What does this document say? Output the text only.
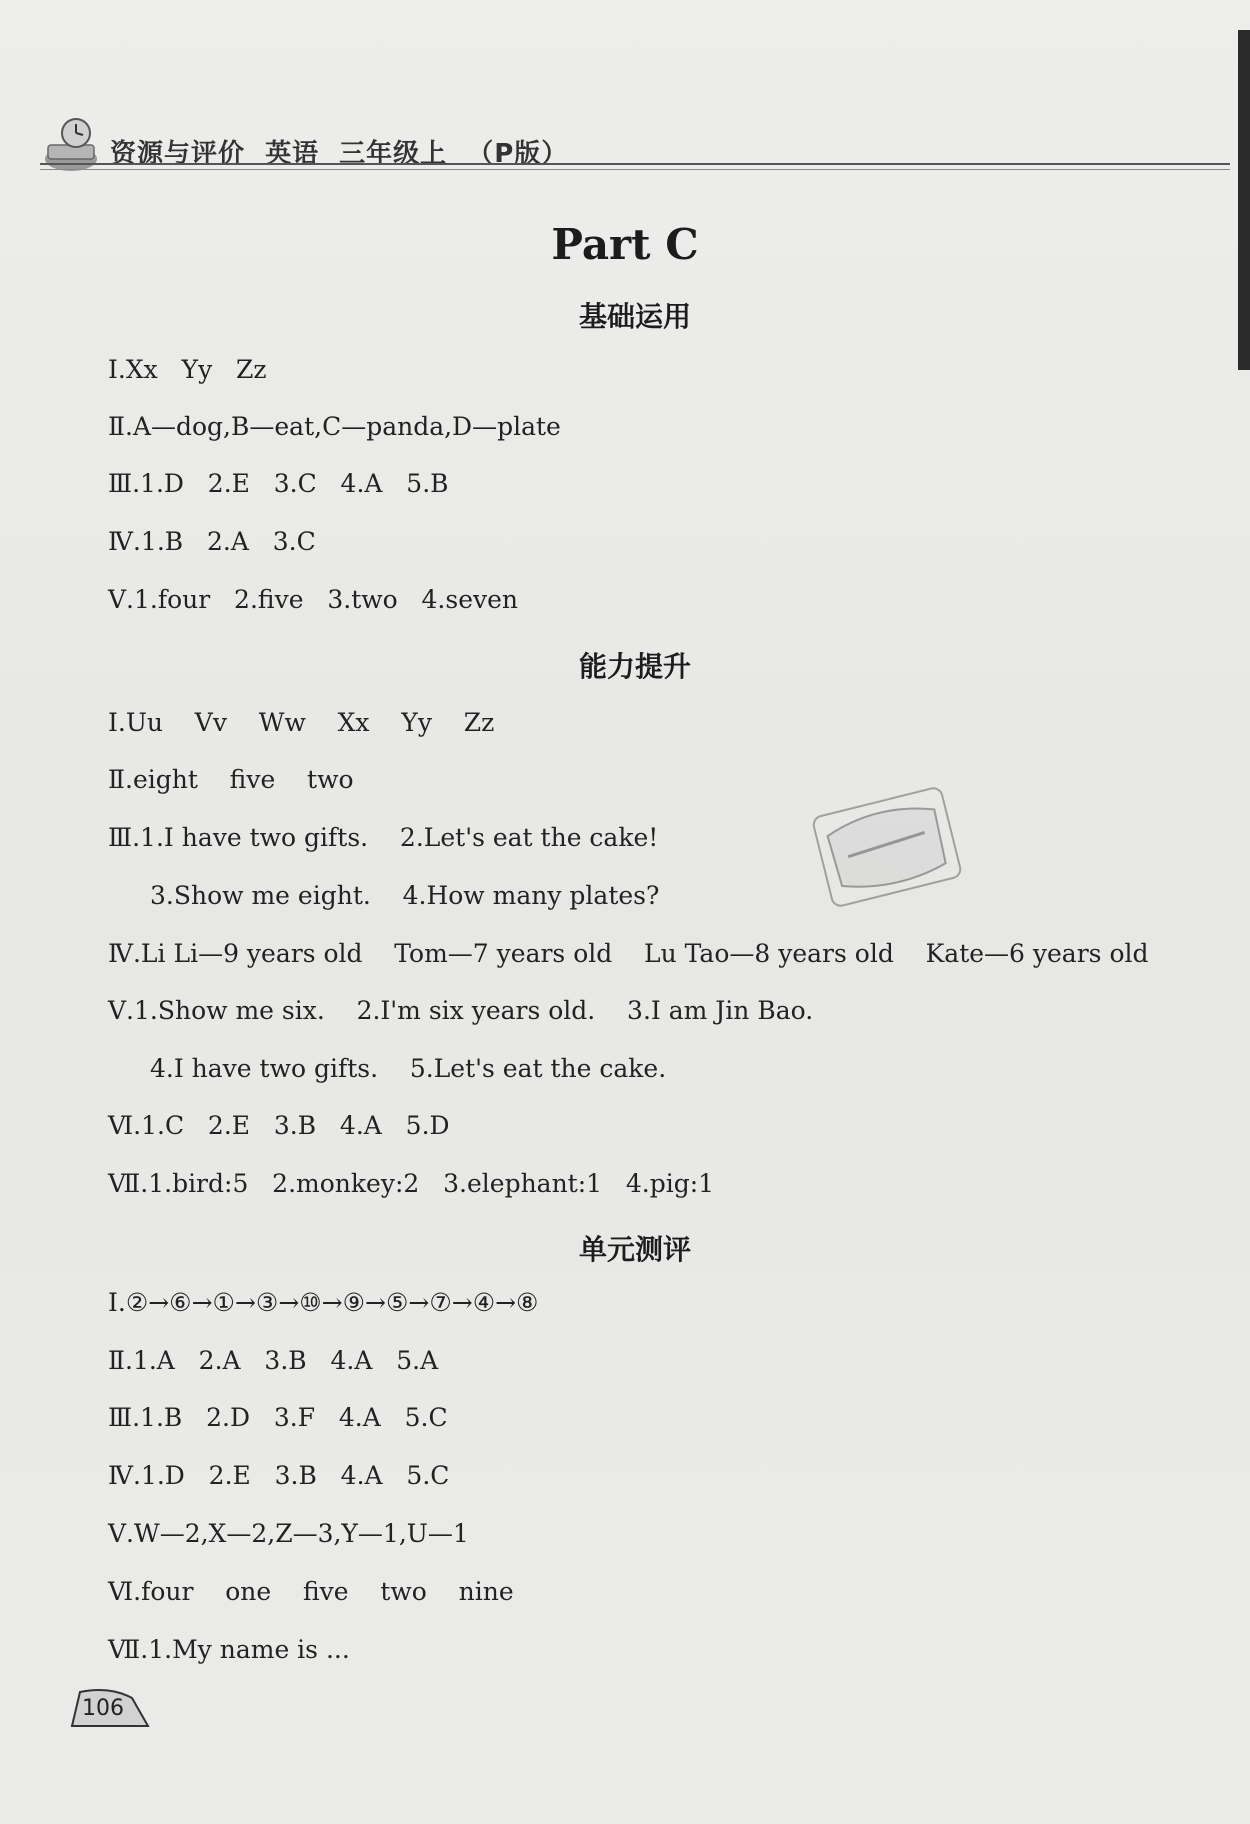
资源与评价 英语 三年级上 （P版）
Part C
基础运用
Ⅰ.Xx   Yy   Zz
Ⅱ.A—dog,B—eat,C—panda,D—plate
Ⅲ.1.D   2.E   3.C   4.A   5.B
Ⅳ.1.B   2.A   3.C
Ⅴ.1.four   2.five   3.two   4.seven
能力提升
Ⅰ.Uu    Vv    Ww    Xx    Yy    Zz
Ⅱ.eight    five    two
Ⅲ.1.I have two gifts.    2.Let's eat the cake!
3.Show me eight.    4.How many plates?
Ⅳ.Li Li—9 years old    Tom—7 years old    Lu Tao—8 years old    Kate—6 years old
Ⅴ.1.Show me six.    2.I'm six years old.    3.I am Jin Bao.
4.I have two gifts.    5.Let's eat the cake.
Ⅵ.1.C   2.E   3.B   4.A   5.D
Ⅶ.1.bird:5   2.monkey:2   3.elephant:1   4.pig:1
单元测评
Ⅰ.②→⑥→①→③→⑩→⑨→⑤→⑦→④→⑧
Ⅱ.1.A   2.A   3.B   4.A   5.A
Ⅲ.1.B   2.D   3.F   4.A   5.C
Ⅳ.1.D   2.E   3.B   4.A   5.C
Ⅴ.W—2,X—2,Z—3,Y—1,U—1
Ⅵ.four    one    five    two    nine
Ⅶ.1.My name is ...
106
